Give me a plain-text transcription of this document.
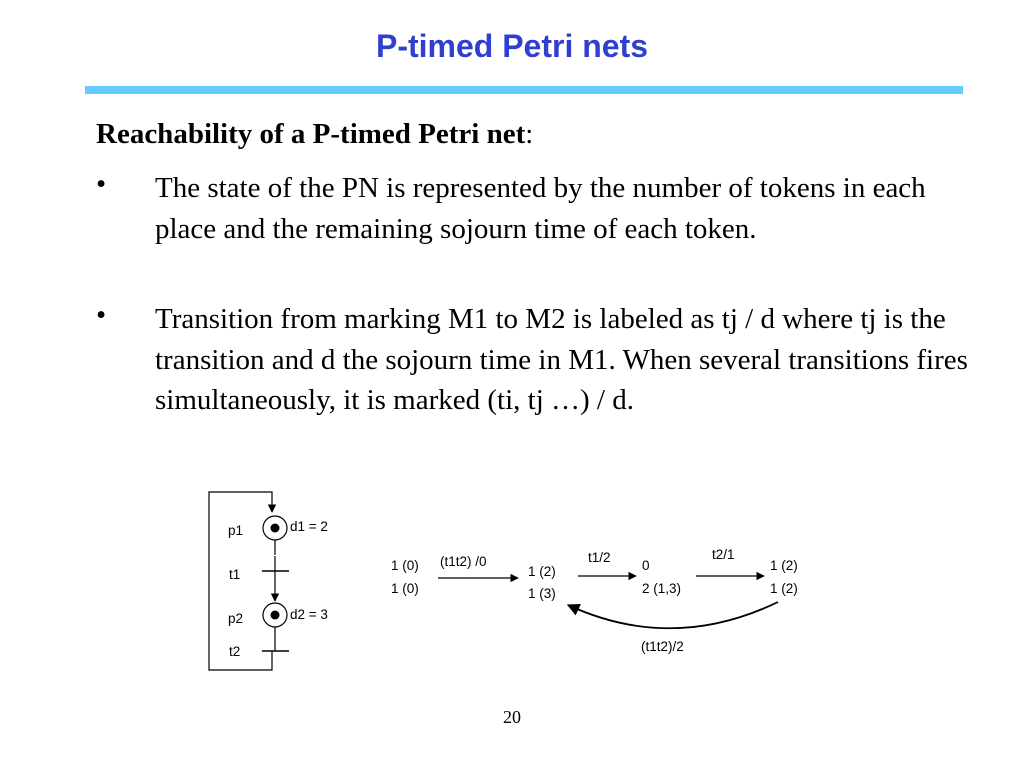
P-timed Petri nets
Reachability of a P-timed Petri net:
• The state of the PN is represented by the number of tokens in each place and the remaining sojourn time of each token.
• Transition from marking M1 to M2 is labeled as tj / d where tj is the transition and d the sojourn time in M1. When several transitions fires simultaneously, it is marked (ti, tj …) / d.
p1	d1 = 2
t1
p2	d2 = 3
t2
1 (0)
1 (0)
1 (2)
1 (3)
0
2 (1,3)
1 (2)
1 (2)
(t1t2) /0	t1/2	t2/1
(t1t2)/2
20
